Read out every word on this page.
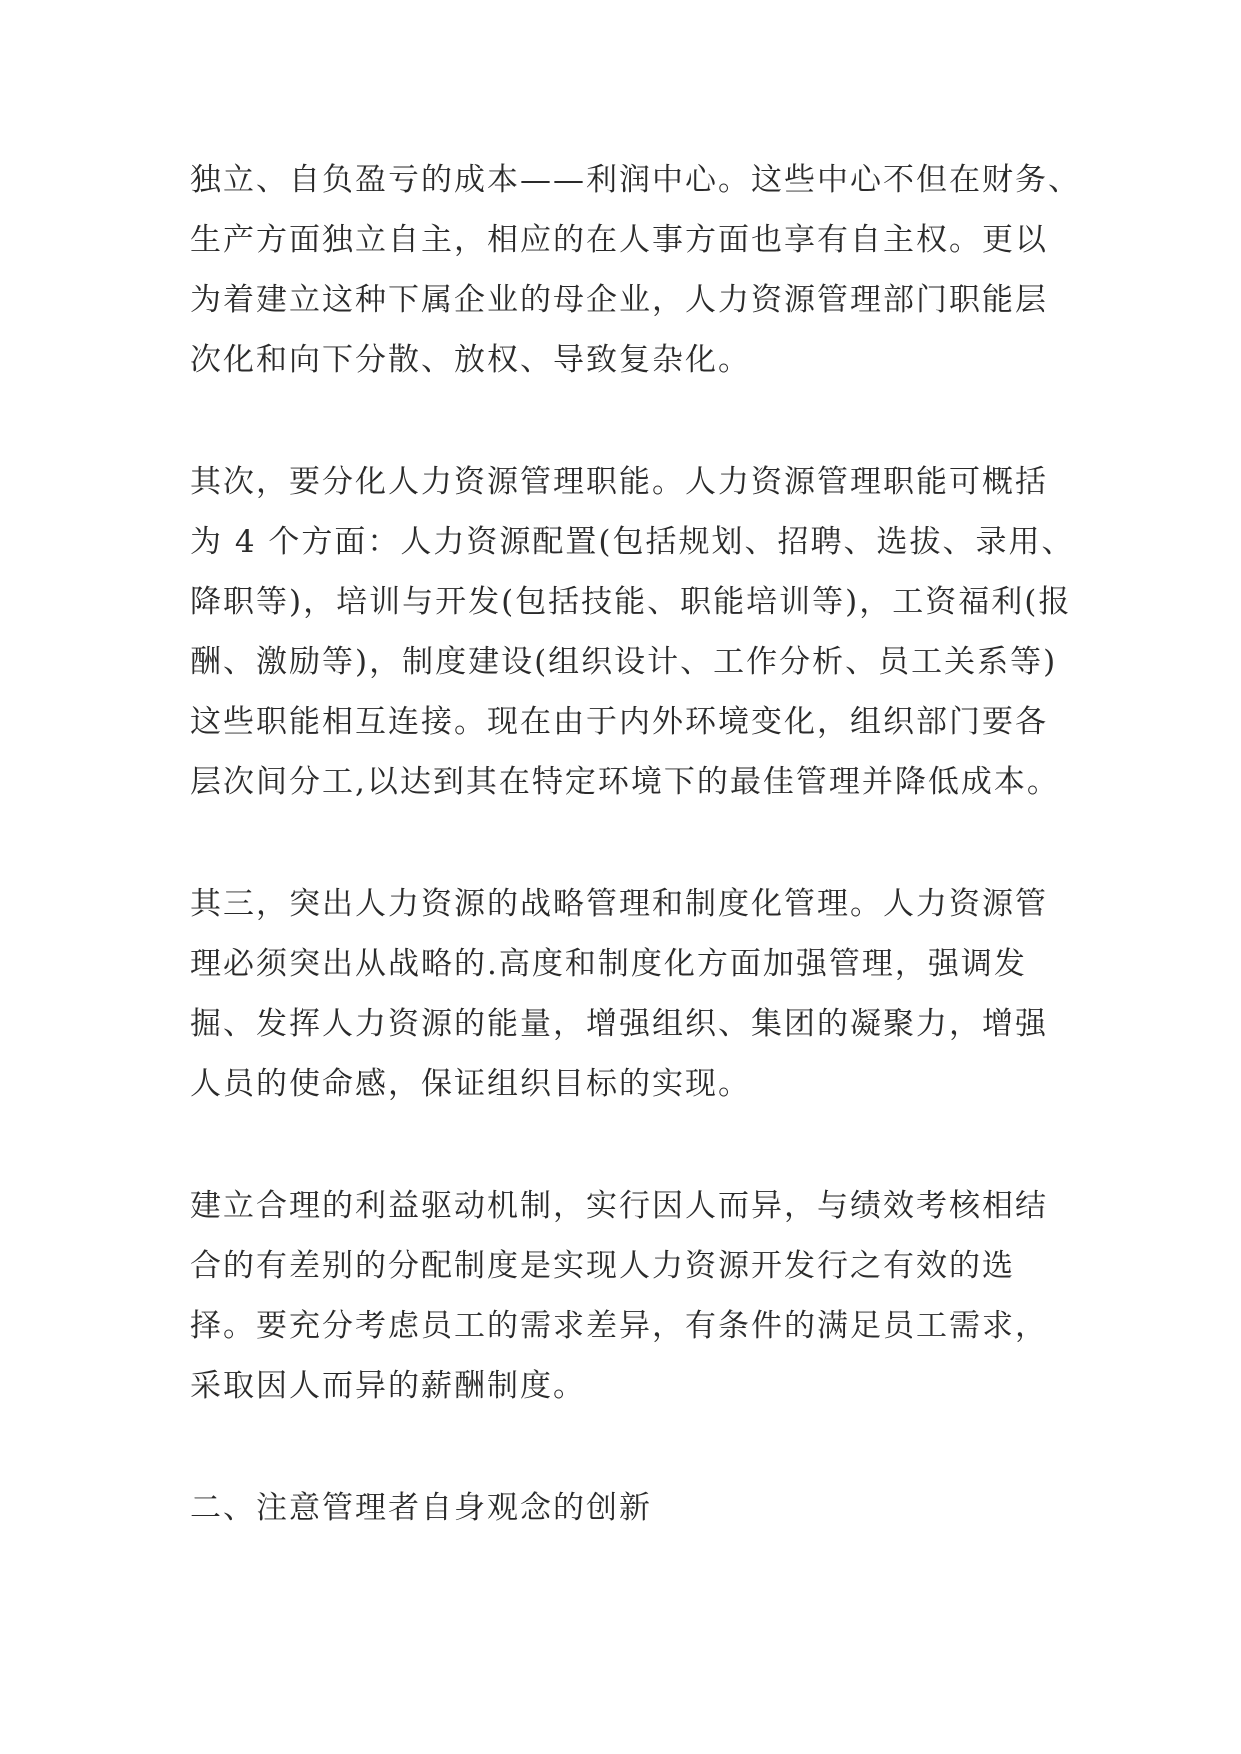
独立、自负盈亏的成本——利润中心。这些中心不但在财务、
生产方面独立自主，相应的在人事方面也享有自主权。更以
为着建立这种下属企业的母企业，人力资源管理部门职能层
次化和向下分散、放权、导致复杂化。
其次，要分化人力资源管理职能。人力资源管理职能可概括
为 4 个方面：人力资源配置(包括规划、招聘、选拔、录用、
降职等)，培训与开发(包括技能、职能培训等)，工资福利(报
酬、激励等)，制度建设(组织设计、工作分析、员工关系等)
这些职能相互连接。现在由于内外环境变化，组织部门要各
层次间分工,以达到其在特定环境下的最佳管理并降低成本。
其三，突出人力资源的战略管理和制度化管理。人力资源管
理必须突出从战略的.高度和制度化方面加强管理，强调发
掘、发挥人力资源的能量，增强组织、集团的凝聚力，增强
人员的使命感，保证组织目标的实现。
建立合理的利益驱动机制，实行因人而异，与绩效考核相结
合的有差别的分配制度是实现人力资源开发行之有效的选
择。要充分考虑员工的需求差异，有条件的满足员工需求，
采取因人而异的薪酬制度。
二、注意管理者自身观念的创新
